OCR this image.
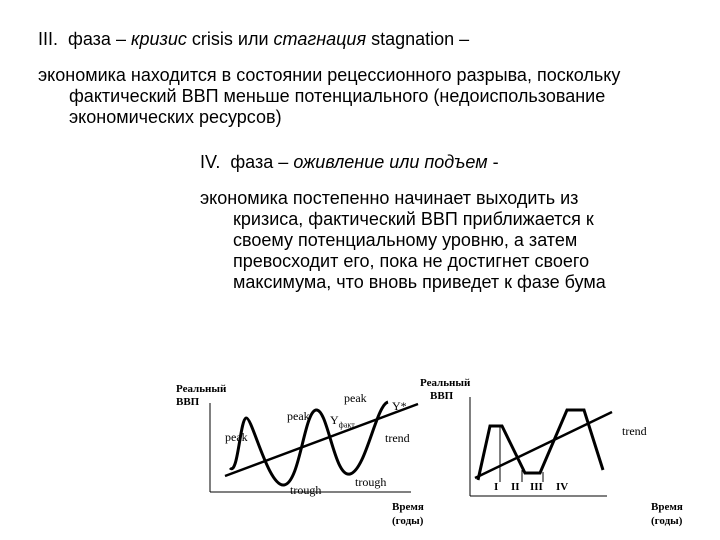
III. фаза – кризис crisis или стагнация stagnation –
экономика находится в состоянии рецессионного разрыва, поскольку
фактический ВВП меньше потенциального (недоиспользование
экономических ресурсов)
IV. фаза – оживление или подъем -
экономика постепенно начинает выходить из
кризиса, фактический ВВП приближается к
своему потенциальному уровню, а затем
превосходит его, пока не достигнет своего
максимума, что вновь приведет к фазе бума
Реальный
ВВП	peak
peak
peak
$Y_{факт}$
Y*
trend
trough
trough
Время
(годы)
Реальный
ВВП
trend
I II III IV
Время
(годы)
